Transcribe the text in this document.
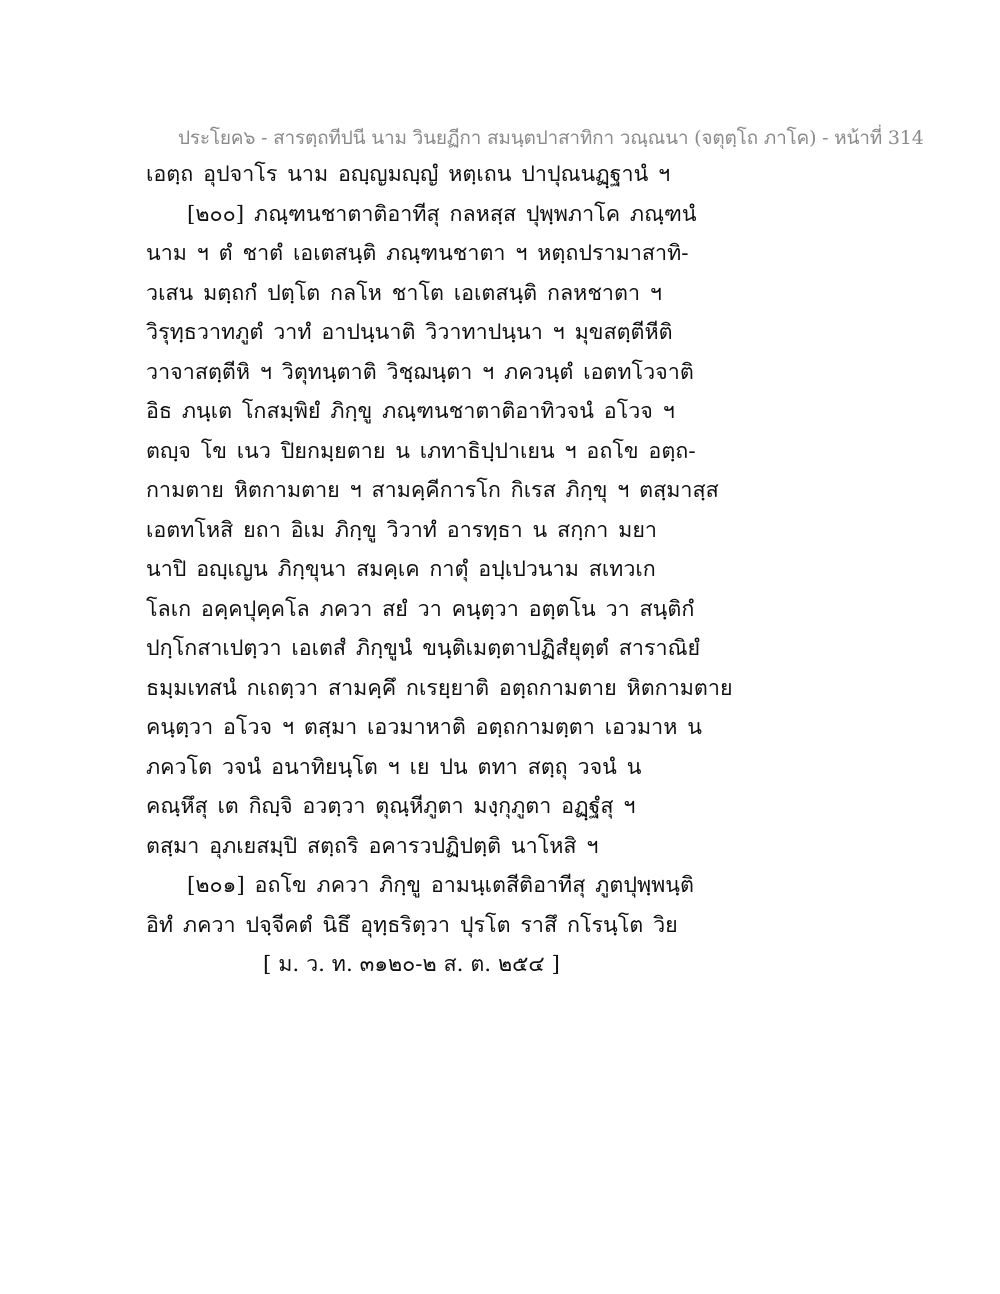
ประโยค๖ - สารตฺถทีปนี นาม วินยฏีกา สมนฺตปาสาทิกา วณฺณนา (จตุตฺโถ ภาโค) - หน้าที่ 314
เอตฺถ อุปจาโร นาม อญฺญมญฺญํ หตฺเถน ปาปุณนฏฺฐานํ ฯ
[๒๐๐] ภณฺฑนชาตาติอาทีสุ กลหสฺส ปุพฺพภาโค ภณฺฑนํ
นาม ฯ ตํ ชาตํ เอเตสนฺติ ภณฺฑนชาตา ฯ หตฺถปรามาสาทิ-
วเสน มตฺถกํ ปตฺโต กลโห ชาโต เอเตสนฺติ กลหชาตา ฯ
วิรุทฺธวาทภูตํ วาทํ อาปนฺนาติ วิวาทาปนฺนา ฯ มุขสตฺตีหีติ
วาจาสตฺตีหิ ฯ วิตุทนฺตาติ วิชฺฌนฺตา ฯ ภควนฺตํ เอตทโวจาติ
อิธ ภนฺเต โกสมฺพิยํ ภิกฺขู ภณฺฑนชาตาติอาทิวจนํ อโวจ ฯ
ตญฺจ โข เนว ปิยกมฺยตาย น เภทาธิปฺปาเยน ฯ อถโข อตฺถ-
กามตาย หิตกามตาย ฯ สามคฺคีการโก กิเรส ภิกฺขุ ฯ ตสฺมาสฺส
เอตทโหสิ ยถา อิเม ภิกฺขู วิวาทํ อารทฺธา น สกฺกา มยา
นาปิ อญฺเญน ภิกฺขุนา สมคฺเค กาตุํ อปฺเปวนาม สเทวเก
โลเก อคฺคปุคฺคโล ภควา สยํ วา คนฺตฺวา อตฺตโน วา สนฺติกํ
ปกฺโกสาเปตฺวา เอเตสํ ภิกฺขูนํ ขนฺติเมตฺตาปฏิสํยุตฺตํ สาราณิยํ
ธมฺมเทสนํ กเถตฺวา สามคฺคึ กเรยฺยาติ อตฺถกามตาย หิตกามตาย
คนฺตฺวา อโวจ ฯ ตสฺมา เอวมาหาติ อตฺถกามตฺตา เอวมาห น
ภควโต วจนํ อนาทิยนฺโต ฯ เย ปน ตทา สตฺถุ วจนํ น
คณฺหึสุ เต กิญฺจิ อวตฺวา ตุณฺหีภูตา มงฺกุภูตา อฏฺฐํสุ ฯ
ตสฺมา อุภเยสมฺปิ สตฺถริ อคารวปฏิปตฺติ นาโหสิ ฯ
[๒๐๑] อถโข ภควา ภิกฺขู อามนฺเตสีติอาทีสุ ภูตปุพฺพนฺติ
อิทํ ภควา ปจฺจีคตํ นิธึ อุทฺธริตฺวา ปุรโต ราสึ กโรนฺโต วิย
[ ม. ว. ท. ๓๑๒๐-๒ ส. ต. ๒๕๔ ]
